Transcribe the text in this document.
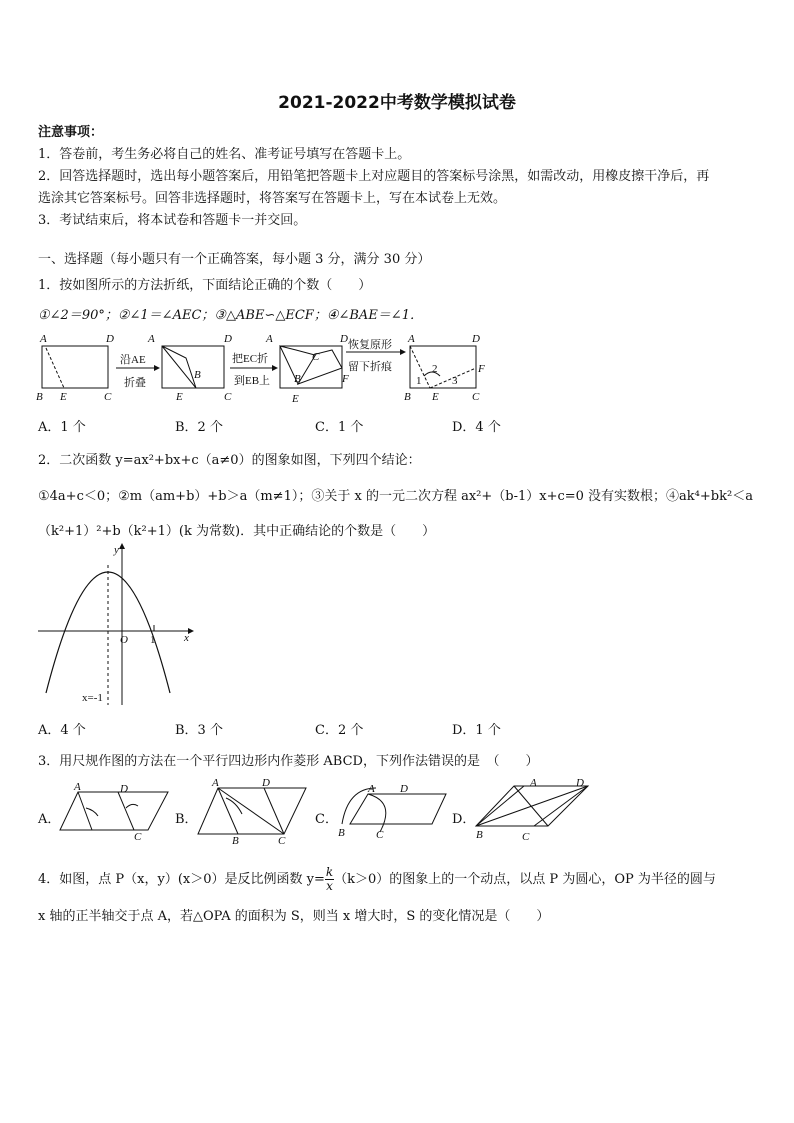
2021-2022中考数学模拟试卷
注意事项：
1．答卷前，考生务必将自己的姓名、准考证号填写在答题卡上。
2．回答选择题时，选出每小题答案后，用铅笔把答题卡上对应题目的答案标号涂黑，如需改动，用橡皮擦干净后，再
选涂其它答案标号。回答非选择题时，将答案写在答题卡上，写在本试卷上无效。
3．考试结束后，将本试卷和答题卡一并交回。
一、选择题（每小题只有一个正确答案，每小题 3 分，满分 30 分）
1．按如图所示的方法折纸，下面结论正确的个数（　　）
①∠2＝90°；②∠1＝∠AEC；③△ABE∽△ECF；④∠BAE＝∠1．
A	D
B E	C
沿AE
折叠
A	D
B
E	C
把EC折
到EB上
A	D
C
B	F
E
恢复原形
留下折痕
A	D
1
2
3
F
B E	C
A．1 个	B．2 个	C．1 个	D．4 个
2．二次函数 y=ax²+bx+c（a≠0）的图象如图，下列四个结论：
①4a+c＜0；②m（am+b）+b＞a（m≠1）；③关于 x 的一元二次方程 ax²+（b-1）x+c=0 没有实数根；④ak⁴+bk²＜a
（k²+1）²+b（k²+1）(k 为常数)．其中正确结论的个数是（　　）
y
x
O 1
x=-1
A．4 个	B．3 个	C．2 个	D．1 个
3．用尺规作图的方法在一个平行四边形内作菱形 ABCD，下列作法错误的是　（　　）
A．
A	D
C
B．
A	D
B	C
C．
A D
B	C
D．
A	D
B	C
4．如图，点 P（x，y）(x＞0）是反比例函数 $y= \frac{k}{x} (k>0)$的图象上的一个动点，以点 P 为圆心，OP 为半径的圆与
x 轴的正半轴交于点 A，若△OPA 的面积为 S，则当 x 增大时，S 的变化情况是（　　）
